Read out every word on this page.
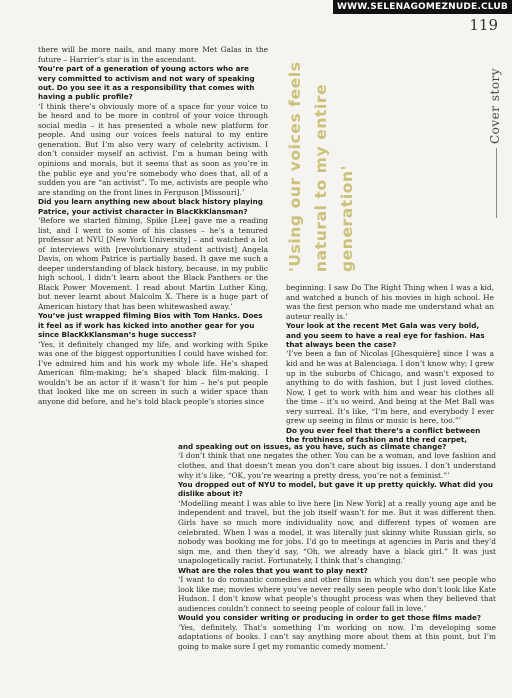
WWW.SELENAGOMEZNUDE.CLUB
119
Cover story
'Using our voices feels natural to my entire generation'

there will be more nails, and many more Met Galas in the future – Harrier’s star is in the ascendant.

You’re part of a generation of young actors who are very committed to activism and not wary of speaking out. Do you see it as a responsibility that comes with having a public profile?

‘I think there’s obviously more of a space for your voice to be heard and to be more in control of your voice through social media – it has presented a whole new platform for people. And using our voices feels natural to my entire generation. But I’m also very wary of celebrity activism. I don’t consider myself an activist. I’m a human being with opinions and morals, but it seems that as soon as you’re in the public eye and you’re somebody who does that, all of a sudden you are “an activist”. To me, activists are people who are standing on the front lines in Ferguson [Missouri].’

Did you learn anything new about black history playing Patrice, your activist character in BlacKkKlansman?

‘Before we started filming, Spike [Lee] gave me a reading list, and I went to some of his classes – he’s a tenured professor at NYU [New York University] – and watched a lot of interviews with [revolutionary student activist] Angela Davis, on whom Patrice is partially based. It gave me such a deeper understanding of black history, because, in my public high school, I didn’t learn about the Black Panthers or the Black Power Movement. I read about Martin Luther King, but never learnt about Malcolm X. There is a huge part of American history that has been whitewashed away.’

You’ve just wrapped filming Bios with Tom Hanks. Does it feel as if work has kicked into another gear for you since BlacKkKlansman’s huge success?

‘Yes, it definitely changed my life, and working with Spike was one of the biggest opportunities I could have wished for. I’ve admired him and his work my whole life. He’s shaped American film-making; he’s shaped black film-making. I wouldn’t be an actor if it wasn’t for him – he’s put people that looked like me on screen in such a wider space than anyone did before, and he’s told black people’s stories since

beginning. I saw Do The Right Thing when I was a kid, and watched a bunch of his movies in high school. He was the first person who made me understand what an auteur really is.’

Your look at the recent Met Gala was very bold, and you seem to have a real eye for fashion. Has that always been the case?

‘I’ve been a fan of Nicolas [Ghesquière] since I was a kid and he was at Balenciaga. I don’t know why; I grew up in the suburbs of Chicago, and wasn’t exposed to anything to do with fashion, but I just loved clothes. Now, I get to work with him and wear his clothes all the time – it’s so weird. And being at the Met Ball was very surreal. It’s like, “I’m here, and everybody I ever grew up seeing in films or music is here, too.”’

Do you ever feel that there’s a conflict between the frothiness of fashion and the red carpet,

and speaking out on issues, as you have, such as climate change?

‘I don’t think that one negates the other. You can be a woman, and love fashion and clothes, and that doesn’t mean you don’t care about big issues. I don’t understand why it’s like, “OK, you’re wearing a pretty dress, you’re not a feminist.”’

You dropped out of NYU to model, but gave it up pretty quickly. What did you dislike about it?

‘Modelling meant I was able to live here [in New York] at a really young age and be independent and travel, but the job itself wasn’t for me. But it was different then. Girls have so much more individuality now, and different types of women are celebrated. When I was a model, it was literally just skinny white Russian girls, so nobody was booking me for jobs. I’d go to meetings at agencies in Paris and they’d sign me, and then they’d say, “Oh, we already have a black girl.” It was just unapologetically racist. Fortunately, I think that’s changing.’

What are the roles that you want to play next?

‘I want to do romantic comedies and other films in which you don’t see people who look like me; movies where you’ve never really seen people who don’t look like Kate Hudson. I don’t know what people’s thought process was when they believed that audiences couldn’t connect to seeing people of colour fall in love.’

Would you consider writing or producing in order to get those films made?

‘Yes, definitely. That’s something I’m working on now. I’m developing some adaptations of books. I can’t say anything more about them at this point, but I’m going to make sure I get my romantic comedy moment.’
